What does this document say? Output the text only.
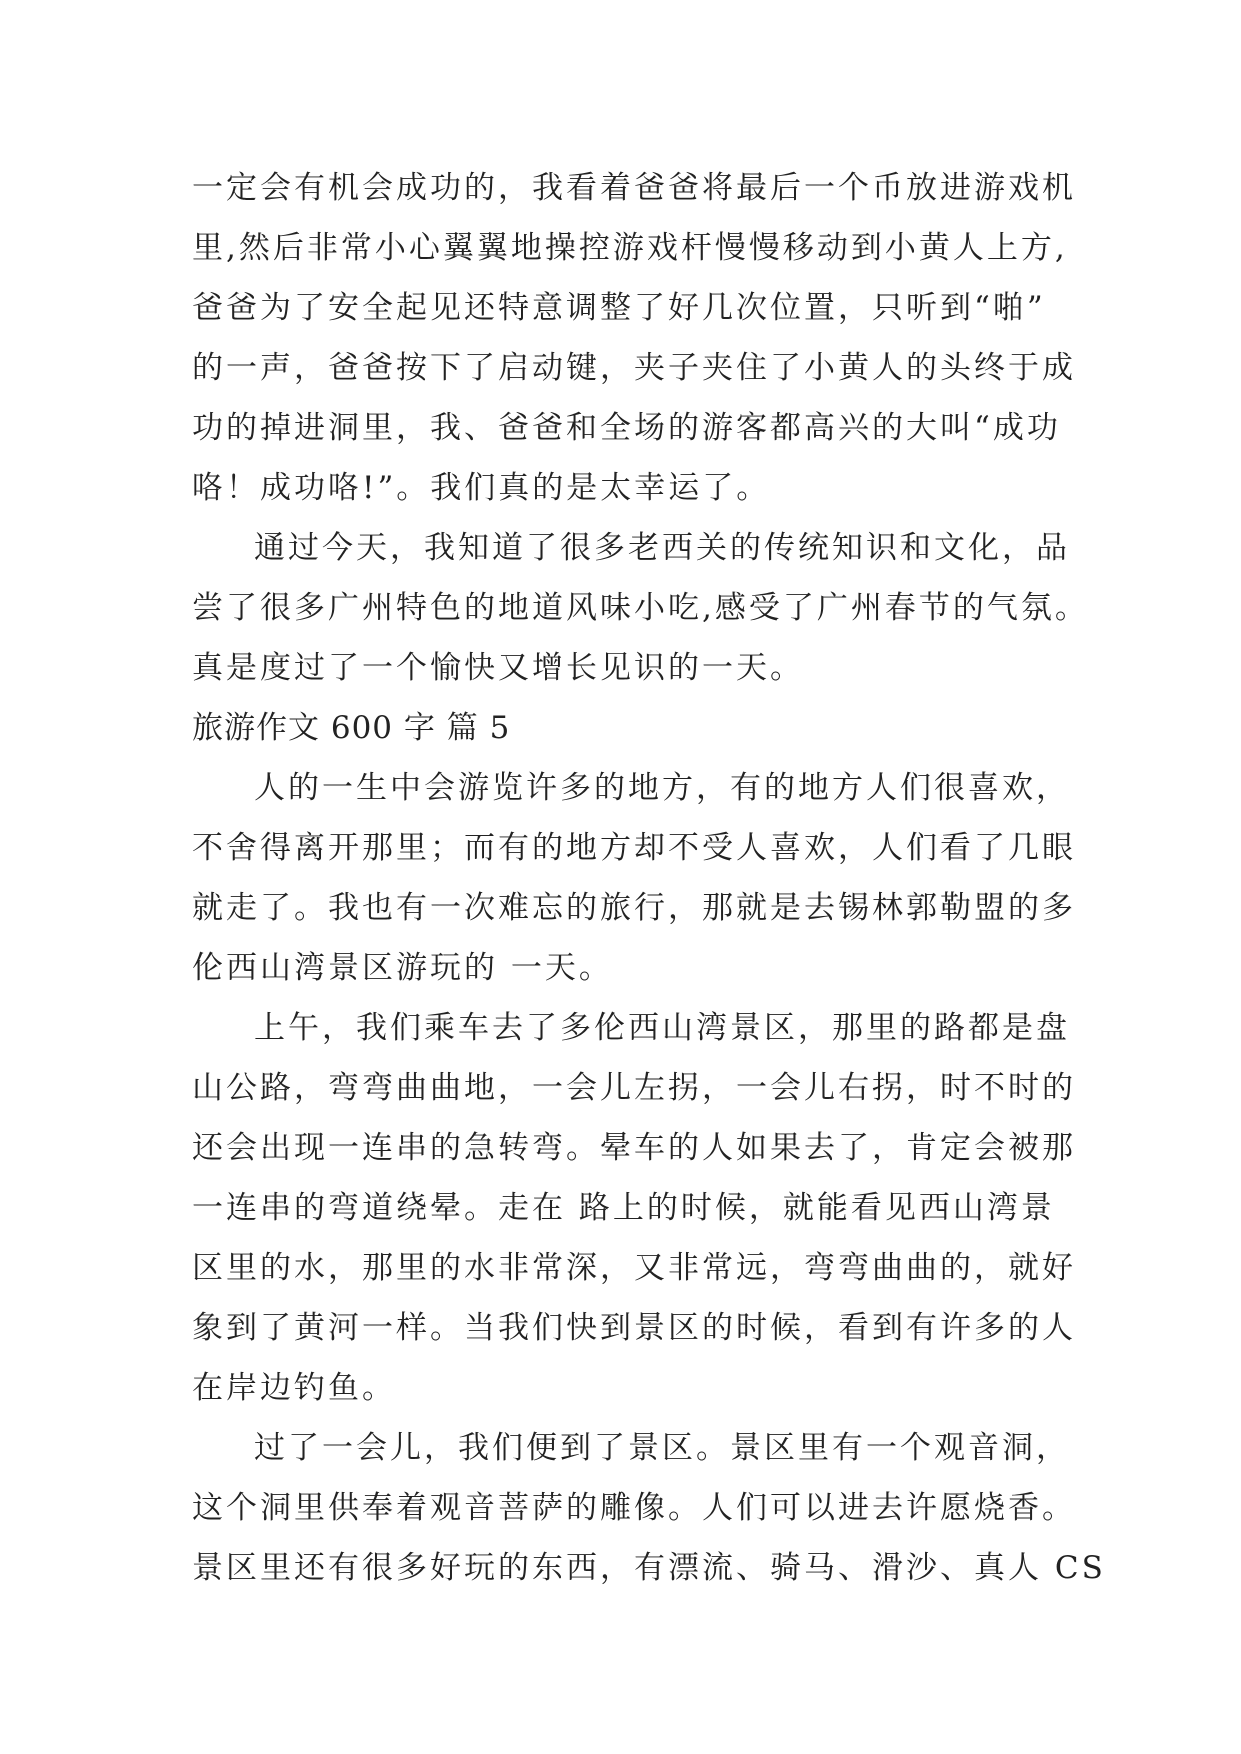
一定会有机会成功的，我看着爸爸将最后一个币放进游戏机
里,然后非常小心翼翼地操控游戏杆慢慢移动到小黄人上方,
爸爸为了安全起见还特意调整了好几次位置，只听到“啪”
的一声，爸爸按下了启动键，夹子夹住了小黄人的头终于成
功的掉进洞里，我、爸爸和全场的游客都高兴的大叫“成功
咯！成功咯!”。我们真的是太幸运了。
通过今天，我知道了很多老西关的传统知识和文化，品
尝了很多广州特色的地道风味小吃,感受了广州春节的气氛。
真是度过了一个愉快又增长见识的一天。
旅游作文 600 字 篇 5
人的一生中会游览许多的地方，有的地方人们很喜欢，
不舍得离开那里；而有的地方却不受人喜欢，人们看了几眼
就走了。我也有一次难忘的旅行，那就是去锡林郭勒盟的多
伦西山湾景区游玩的 一天。
上午，我们乘车去了多伦西山湾景区，那里的路都是盘
山公路，弯弯曲曲地，一会儿左拐，一会儿右拐，时不时的
还会出现一连串的急转弯。晕车的人如果去了，肯定会被那
一连串的弯道绕晕。走在 路上的时候，就能看见西山湾景
区里的水，那里的水非常深，又非常远，弯弯曲曲的，就好
象到了黄河一样。当我们快到景区的时候，看到有许多的人
在岸边钓鱼。
过了一会儿，我们便到了景区。景区里有一个观音洞，
这个洞里供奉着观音菩萨的雕像。人们可以进去许愿烧香。
景区里还有很多好玩的东西，有漂流、骑马、滑沙、真人 CS
